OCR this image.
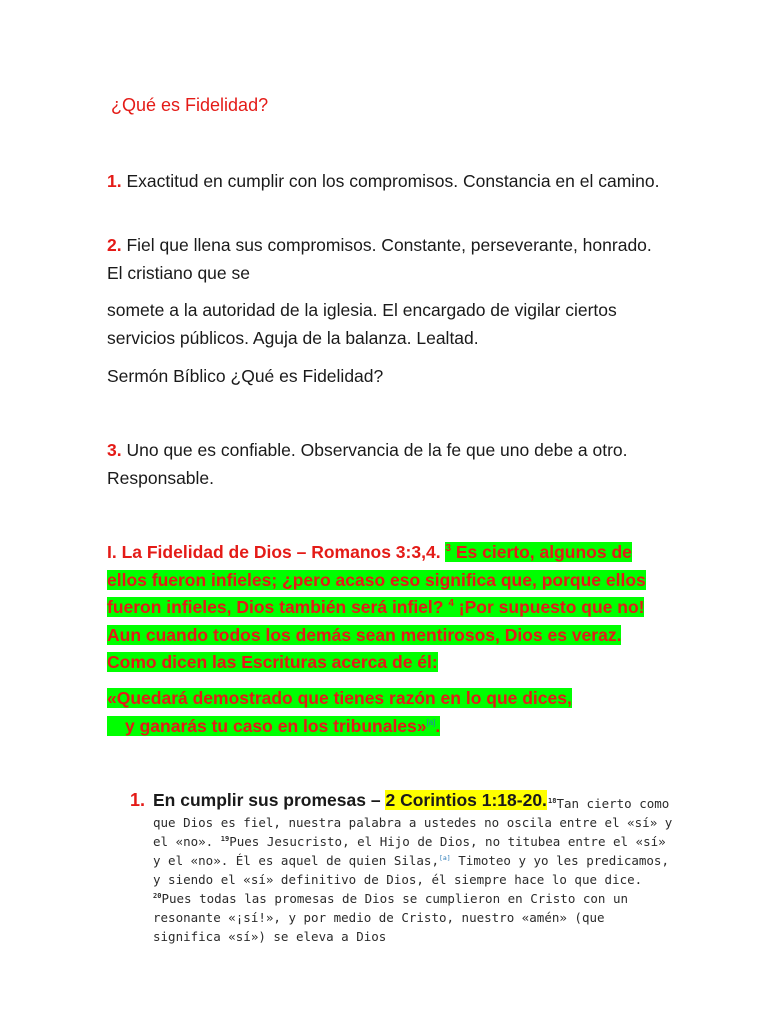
¿Qué es Fidelidad?
1. Exactitud en cumplir con los compromisos. Constancia en el camino.
2. Fiel que llena sus compromisos. Constante, perseverante, honrado. El cristiano que se
somete a la autoridad de la iglesia. El encargado de vigilar ciertos servicios públicos. Aguja de la balanza. Lealtad.
Sermón Bíblico ¿Qué es Fidelidad?
3. Uno que es confiable. Observancia de la fe que uno debe a otro. Responsable.
I. La Fidelidad de Dios – Romanos 3:3,4. $^3$ Es cierto, algunos de ellos fueron infieles; ¿pero acaso eso significa que, porque ellos fueron infieles, Dios también será infiel? $^4$ ¡Por supuesto que no! Aun cuando todos los demás sean mentirosos, Dios es veraz. Como dicen las Escrituras acerca de él:
«Quedará demostrado que tienes razón en lo que dices,
y ganarás tu caso en los tribunales»[a].
1. En cumplir sus promesas – 2 Corintios 1:18-20. $^{18}$Tan cierto como que Dios es fiel, nuestra palabra a ustedes no oscila entre el «sí» y el «no». $^{19}$Pues Jesucristo, el Hijo de Dios, no titubea entre el «sí» y el «no». Él es aquel de quien Silas,[a] Timoteo y yo les predicamos, y siendo el «sí» definitivo de Dios, él siempre hace lo que dice. $^{20}$Pues todas las promesas de Dios se cumplieron en Cristo con un resonante «¡sí!», y por medio de Cristo, nuestro «amén» (que significa «sí») se eleva a Dios
